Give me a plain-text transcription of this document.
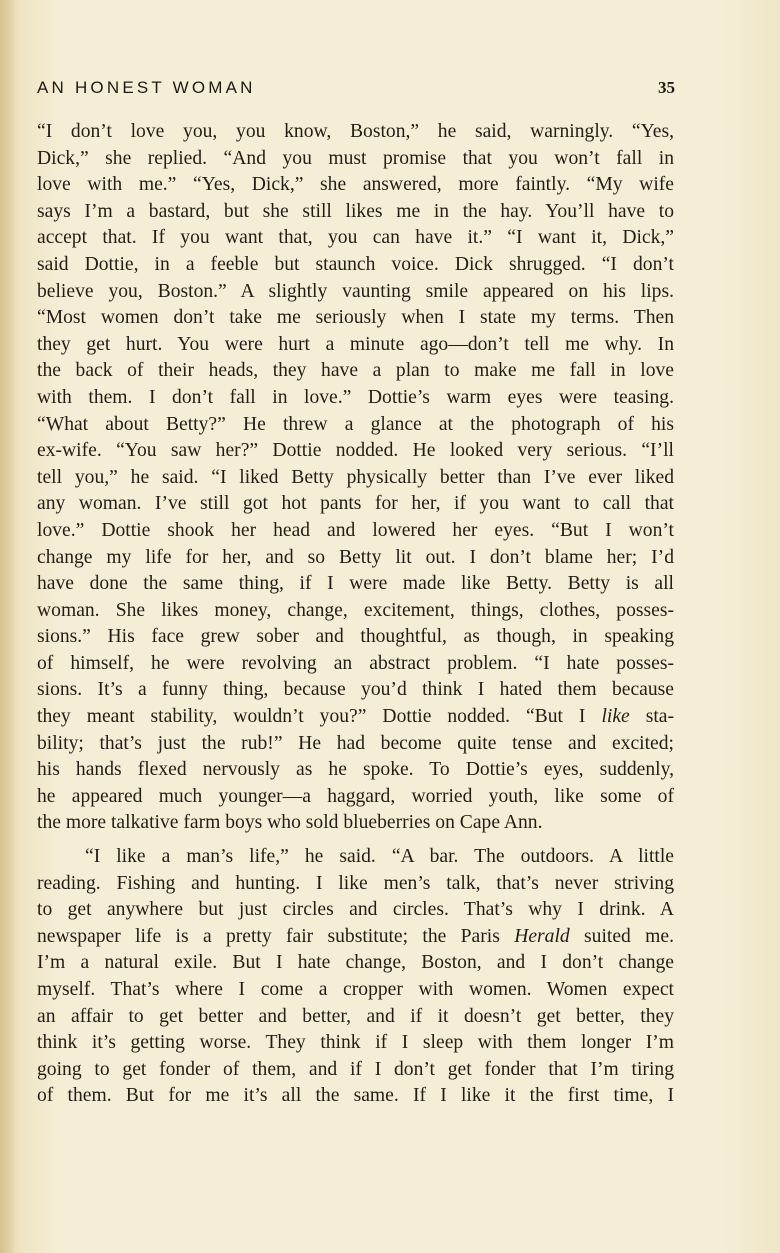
AN HONEST WOMAN	35
“I don’t love you, you know, Boston,” he said, warningly. “Yes,
Dick,” she replied. “And you must promise that you won’t fall in
love with me.” “Yes, Dick,” she answered, more faintly. “My wife
says I’m a bastard, but she still likes me in the hay. You’ll have to
accept that. If you want that, you can have it.” “I want it, Dick,”
said Dottie, in a feeble but staunch voice. Dick shrugged. “I don’t
believe you, Boston.” A slightly vaunting smile appeared on his lips.
“Most women don’t take me seriously when I state my terms. Then
they get hurt. You were hurt a minute ago—don’t tell me why. In
the back of their heads, they have a plan to make me fall in love
with them. I don’t fall in love.” Dottie’s warm eyes were teasing.
“What about Betty?” He threw a glance at the photograph of his
ex-wife. “You saw her?” Dottie nodded. He looked very serious. “I’ll
tell you,” he said. “I liked Betty physically better than I’ve ever liked
any woman. I’ve still got hot pants for her, if you want to call that
love.” Dottie shook her head and lowered her eyes. “But I won’t
change my life for her, and so Betty lit out. I don’t blame her; I’d
have done the same thing, if I were made like Betty. Betty is all
woman. She likes money, change, excitement, things, clothes, posses-
sions.” His face grew sober and thoughtful, as though, in speaking
of himself, he were revolving an abstract problem. “I hate posses-
sions. It’s a funny thing, because you’d think I hated them because
they meant stability, wouldn’t you?” Dottie nodded. “But I like sta-
bility; that’s just the rub!” He had become quite tense and excited;
his hands flexed nervously as he spoke. To Dottie’s eyes, suddenly,
he appeared much younger—a haggard, worried youth, like some of
the more talkative farm boys who sold blueberries on Cape Ann.
“I like a man’s life,” he said. “A bar. The outdoors. A little
reading. Fishing and hunting. I like men’s talk, that’s never striving
to get anywhere but just circles and circles. That’s why I drink. A
newspaper life is a pretty fair substitute; the Paris Herald suited me.
I’m a natural exile. But I hate change, Boston, and I don’t change
myself. That’s where I come a cropper with women. Women expect
an affair to get better and better, and if it doesn’t get better, they
think it’s getting worse. They think if I sleep with them longer I’m
going to get fonder of them, and if I don’t get fonder that I’m tiring
of them. But for me it’s all the same. If I like it the first time, I
